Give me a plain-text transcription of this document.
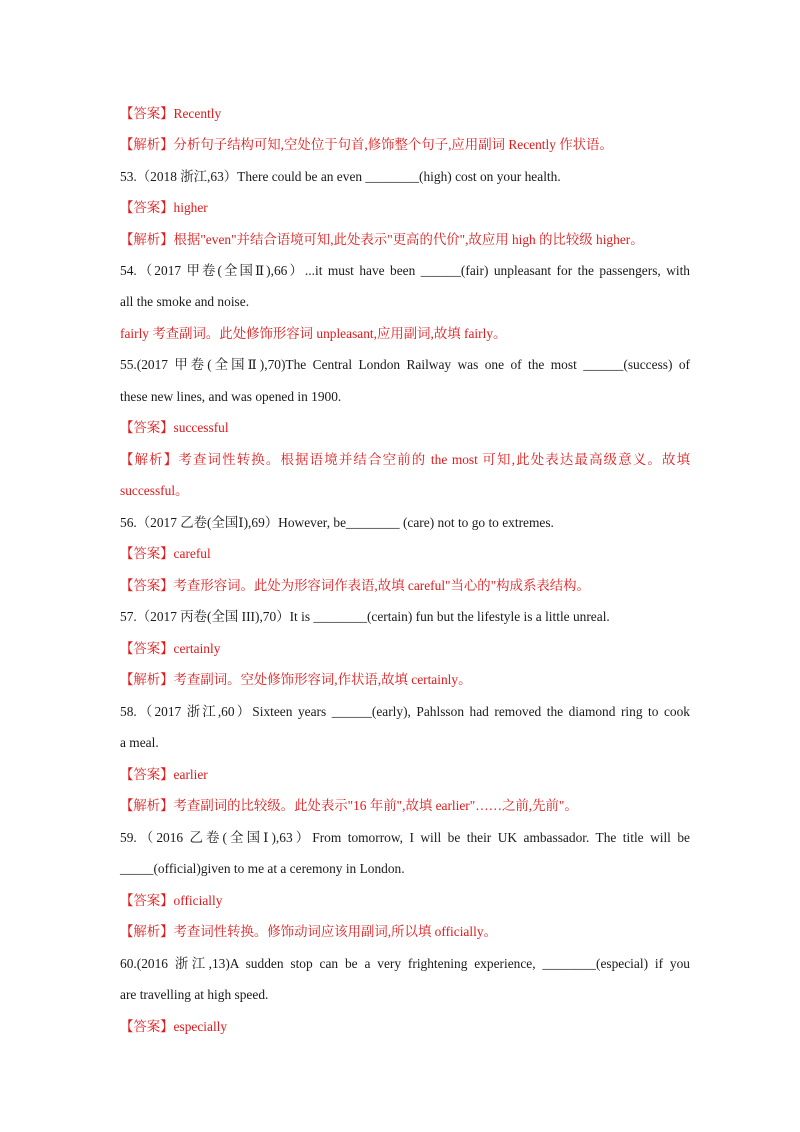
【答案】Recently
【解析】分析句子结构可知,空处位于句首,修饰整个句子,应用副词 Recently 作状语。
53.（2018 浙江,63）There could be an even ________(high) cost on your health.
【答案】higher
【解析】根据"even"并结合语境可知,此处表示"更高的代价",故应用 high 的比较级 higher。
54.（2017 甲卷(全国Ⅱ),66）...it must have been ______(fair) unpleasant for the passengers, with
all the smoke and noise.
fairly 考查副词。此处修饰形容词 unpleasant,应用副词,故填 fairly。
55.(2017 甲卷(全国Ⅱ),70)The Central London Railway was one of the most ______(success) of
these new lines, and was opened in 1900.
【答案】successful
【解析】考查词性转换。根据语境并结合空前的 the most 可知,此处表达最高级意义。故填
successful。
56.（2017 乙卷(全国Ⅰ),69）However, be________ (care) not to go to extremes.
【答案】careful
【答案】考查形容词。此处为形容词作表语,故填 careful"当心的"构成系表结构。
57.（2017 丙卷(全国 III),70）It is ________(certain) fun but the lifestyle is a little unreal.
【答案】certainly
【解析】考查副词。空处修饰形容词,作状语,故填 certainly。
58.（2017 浙江,60）Sixteen years ______(early), Pahlsson had removed the diamond ring to cook
a meal.
【答案】earlier
【解析】考查副词的比较级。此处表示"16 年前",故填 earlier"……之前,先前"。
59.（2016 乙卷(全国Ⅰ),63）From tomorrow, I will be their UK ambassador. The title will be
_____(official)given to me at a ceremony in London.
【答案】officially
【解析】考查词性转换。修饰动词应该用副词,所以填 officially。
60.(2016 浙江,13)A sudden stop can be a very frightening experience, ________(especial) if you
are travelling at high speed.
【答案】especially
